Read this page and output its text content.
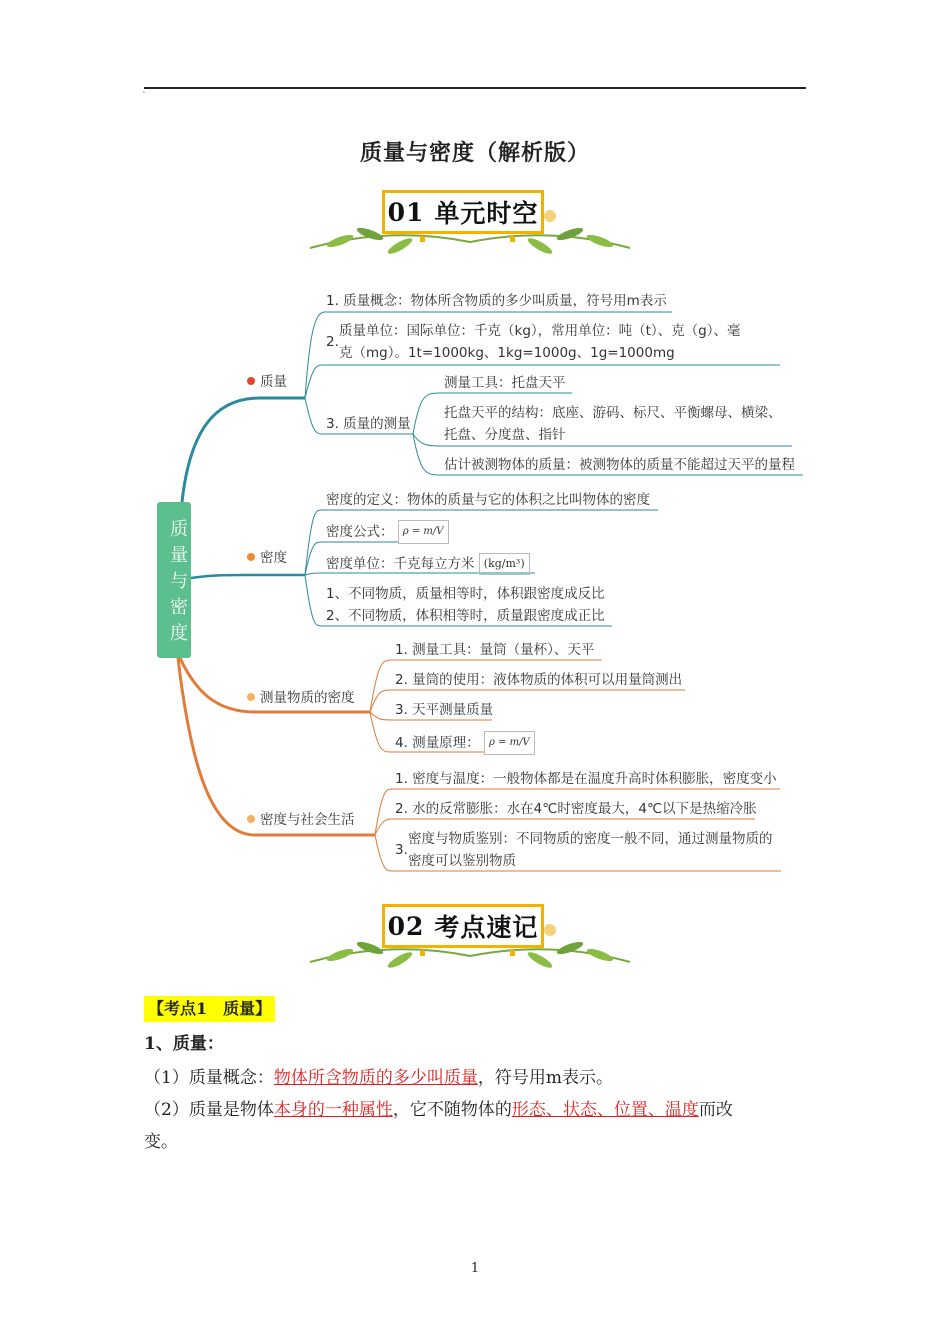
ˎ
质量与密度（解析版）
01 单元时空
质量与密度
质量
密度
测量物质的密度
密度与社会生活
1. 质量概念：物体所含物质的多少叫质量，符号用m表示
2.
质量单位：国际单位：千克（kg），常用单位：吨（t）、克（g）、毫
克（mg）。1t=1000kg、1kg=1000g、1g=1000mg
3. 质量的测量
测量工具：托盘天平
托盘天平的结构：底座、游码、标尺、平衡螺母、横梁、
托盘、分度盘、指针
估计被测物体的质量：被测物体的质量不能超过天平的量程
密度的定义：物体的质量与它的体积之比叫物体的密度
密度公式： ρ = m/V
密度单位：千克每立方米 (kg/m³)
1、不同物质，质量相等时，体积跟密度成反比
2、不同物质，体积相等时，质量跟密度成正比
1. 测量工具：量筒（量杯）、天平
2. 量筒的使用：液体物质的体积可以用量筒测出
3. 天平测量质量
4. 测量原理： ρ = m/V
1. 密度与温度：一般物体都是在温度升高时体积膨胀，密度变小
2. 水的反常膨胀：水在4℃时密度最大，4℃以下是热缩冷胀
3.
密度与物质鉴别：不同物质的密度一般不同，通过测量物质的
密度可以鉴别物质
02 考点速记
【考点1　质量】
1、质量：
（1）质量概念：物体所含物质的多少叫质量，符号用m表示。
（2）质量是物体本身的一种属性，它不随物体的形态、状态、位置、温度而改
变。
1
